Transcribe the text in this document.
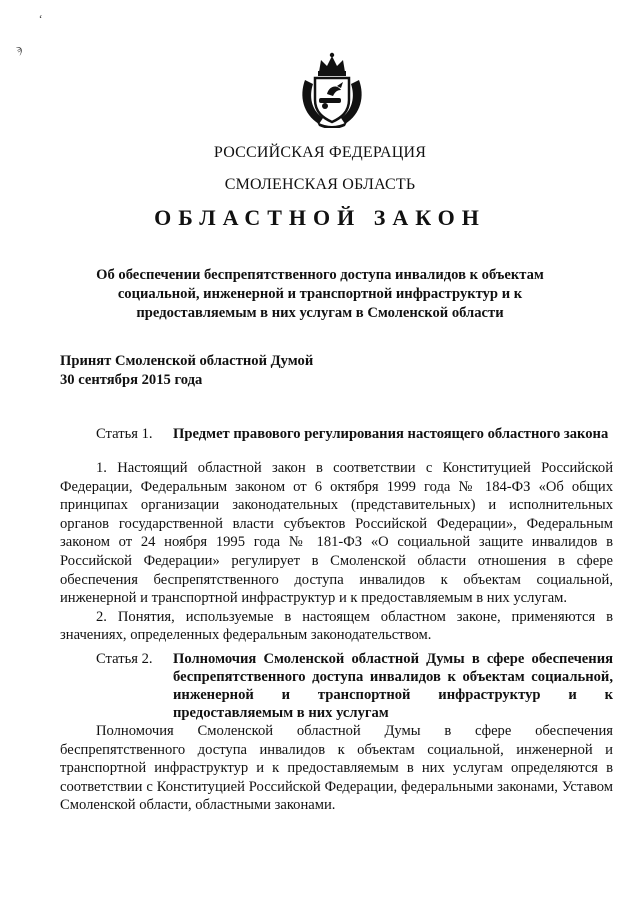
ʻ
ϡ
РОССИЙСКАЯ ФЕДЕРАЦИЯ
СМОЛЕНСКАЯ ОБЛАСТЬ
ОБЛАСТНОЙ ЗАКОН
Об обеспечении беспрепятственного доступа инвалидов к объектам социальной, инженерной и транспортной инфраструктур и к предоставляемым в них услугам в Смоленской области
Принят Смоленской областной Думой
30 сентября 2015 года
Статья 1. Предмет правового регулирования настоящего областного закона

1. Настоящий областной закон в соответствии с Конституцией Российской Федерации, Федеральным законом от 6 октября 1999 года № 184-ФЗ «Об общих принципах организации законодательных (представительных) и исполнительных органов государственной власти субъектов Российской Федерации», Федеральным законом от 24 ноября 1995 года № 181-ФЗ «О социальной защите инвалидов в Российской Федерации» регулирует в Смоленской области отношения в сфере обеспечения беспрепятственного доступа инвалидов к объектам социальной, инженерной и транспортной инфраструктур и к предоставляемым в них услугам.

2. Понятия, используемые в настоящем областном законе, применяются в значениях, определенных федеральным законодательством.

Статья 2. Полномочия Смоленской областной Думы в сфере обеспечения беспрепятственного доступа инвалидов к объектам социальной, инженерной и транспортной инфраструктур и к предоставляемым в них услугам

Полномочия Смоленской областной Думы в сфере обеспечения беспрепятственного доступа инвалидов к объектам социальной, инженерной и транспортной инфраструктур и к предоставляемым в них услугам определяются в соответствии с Конституцией Российской Федерации, федеральными законами, Уставом Смоленской области, областными законами.
